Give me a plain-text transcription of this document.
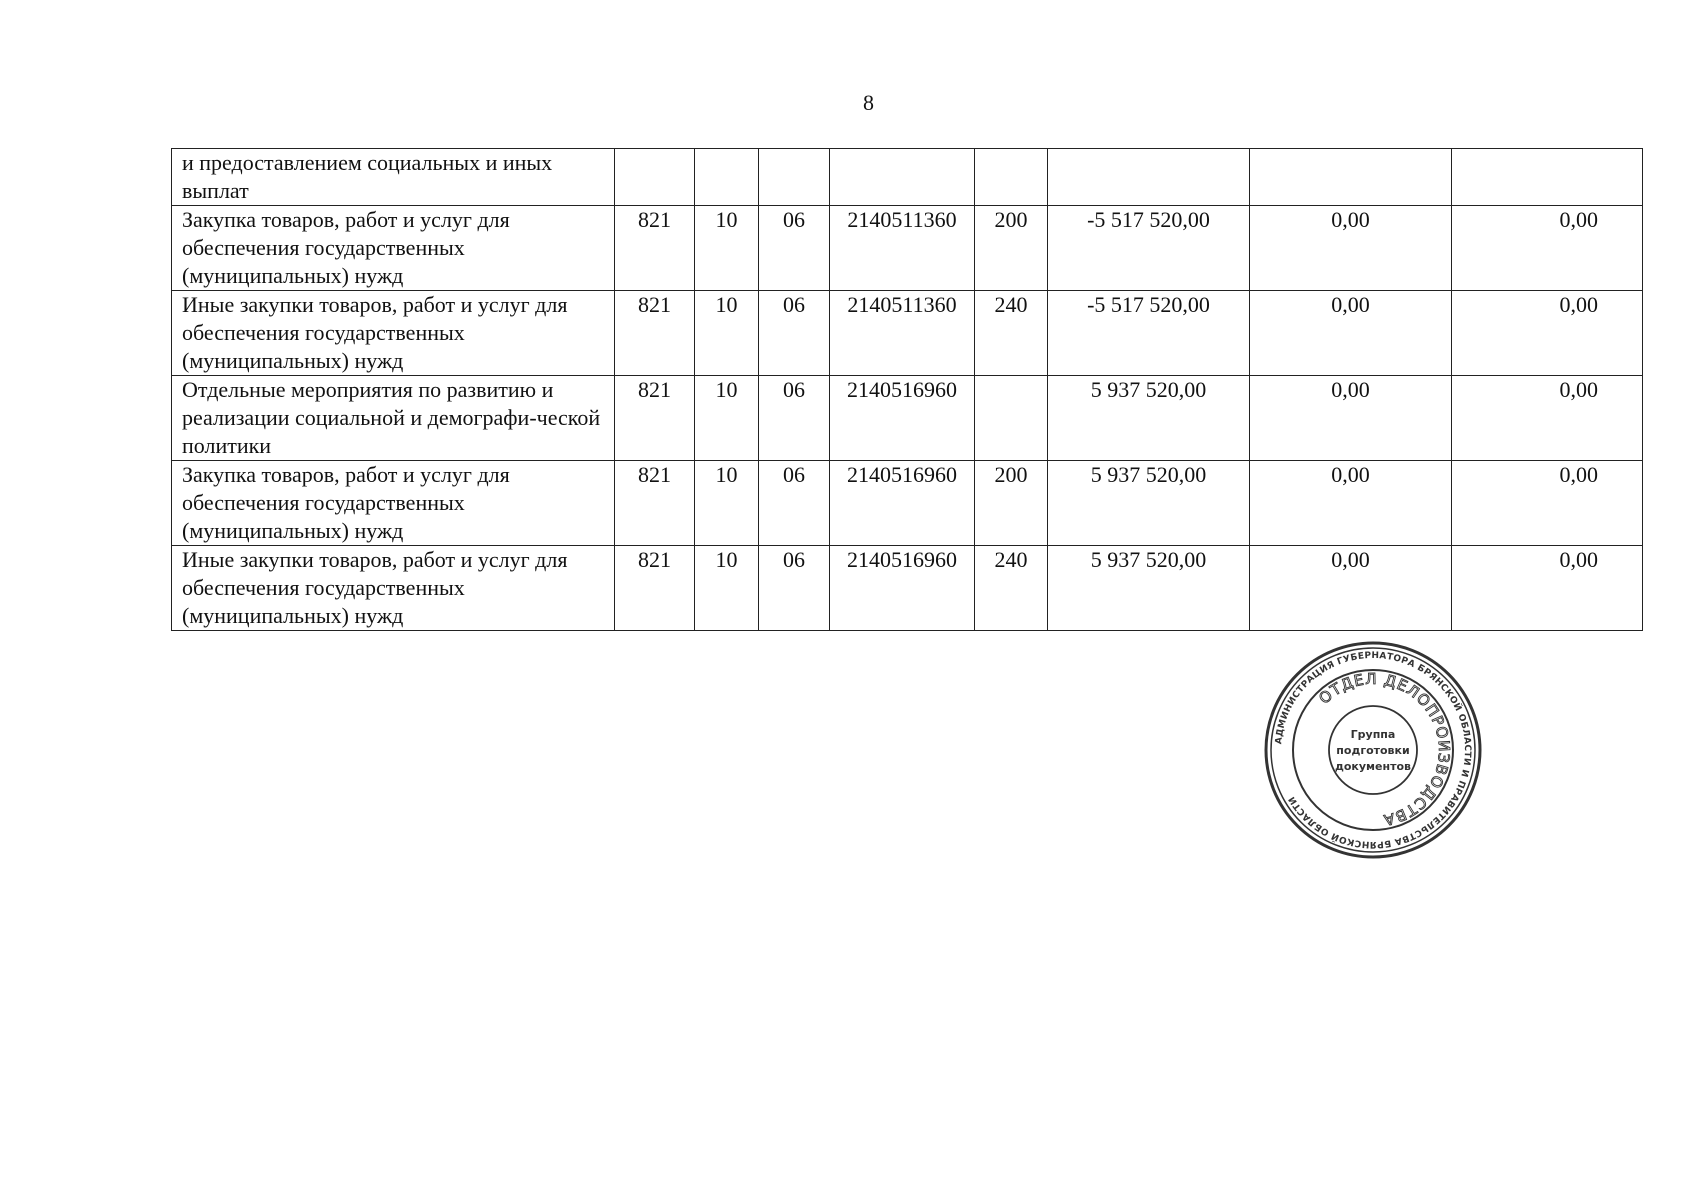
8
и предоставлением социальных и иных выплат								
Закупка товаров, работ и услуг для обеспечения государственных (муниципальных) нужд	821	10	06	2140511360	200	-5 517 520,00	0,00	0,00
Иные закупки товаров, работ и услуг для обеспечения государственных (муниципальных) нужд	821	10	06	2140511360	240	-5 517 520,00	0,00	0,00
Отдельные мероприятия по развитию и реализации социальной и демографи-ческой политики	821	10	06	2140516960		5 937 520,00	0,00	0,00
Закупка товаров, работ и услуг для обеспечения государственных (муниципальных) нужд	821	10	06	2140516960	200	5 937 520,00	0,00	0,00
Иные закупки товаров, работ и услуг для обеспечения государственных (муниципальных) нужд	821	10	06	2140516960	240	5 937 520,00	0,00	0,00
АДМИНИСТРАЦИЯ ГУБЕРНАТОРА БРЯНСКОЙ ОБЛАСТИ И ПРАВИТЕЛЬСТВА БРЯНСКОЙ ОБЛАСТИ
ОТДЕЛ ДЕЛОПРОИЗВОДСТВА
Группа
подготовки
документов
